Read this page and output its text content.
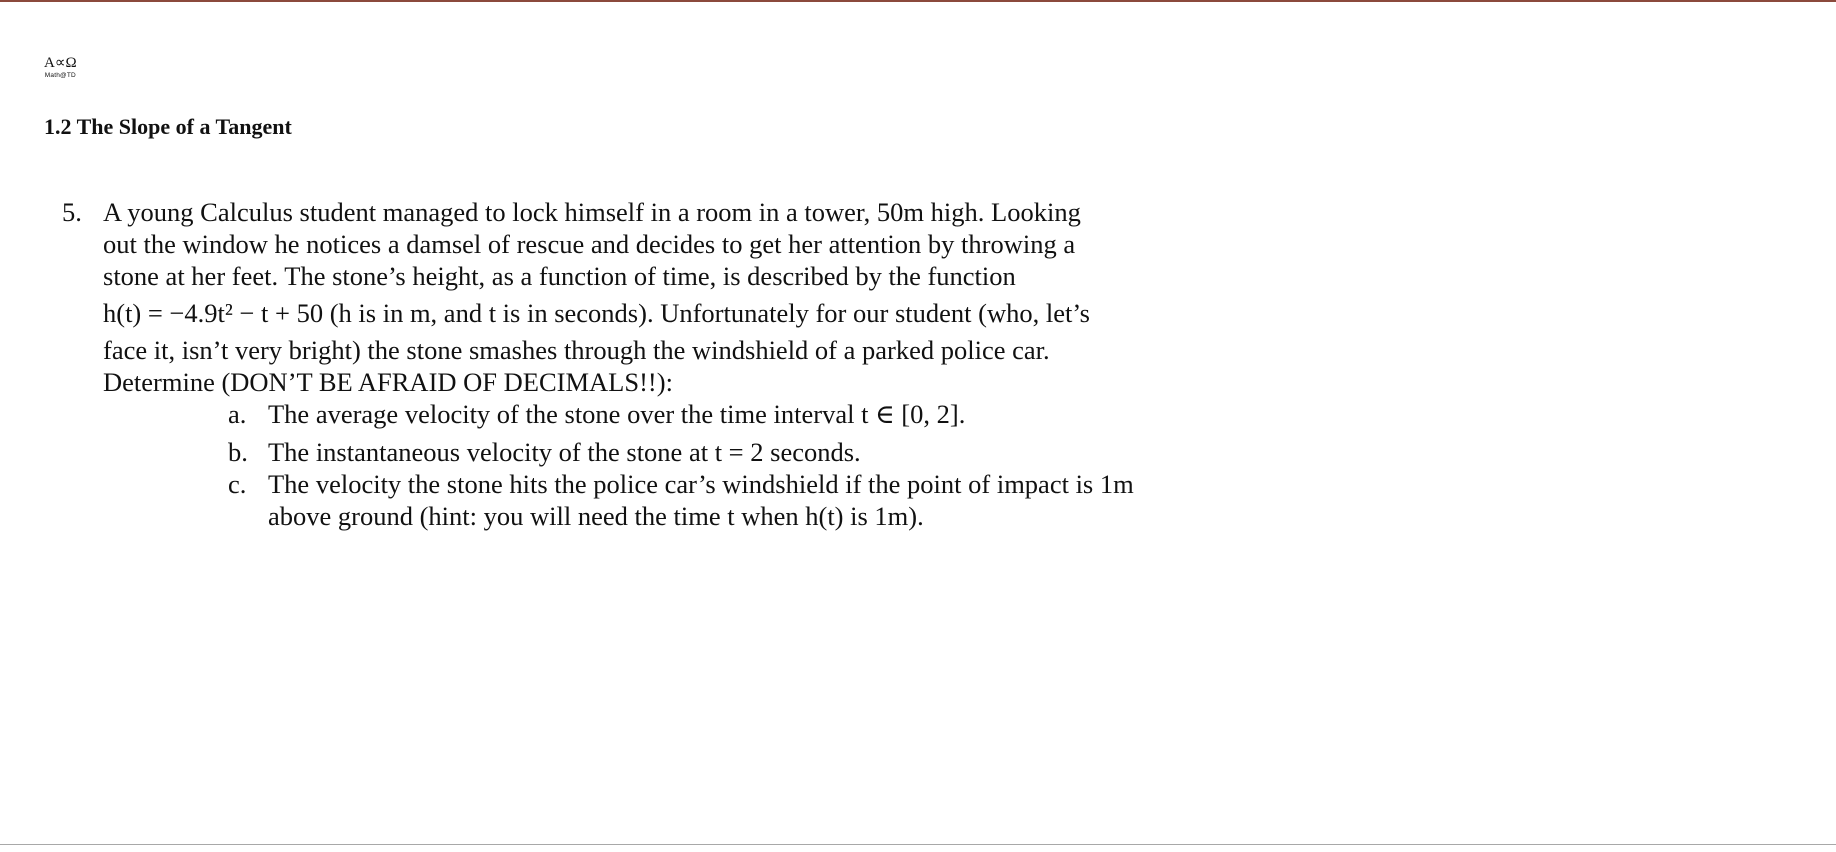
A∝Ω
Math@TD
1.2 The Slope of a Tangent
5. A young Calculus student managed to lock himself in a room in a tower, 50m high. Looking
out the window he notices a damsel of rescue and decides to get her attention by throwing a
stone at her feet. The stone’s height, as a function of time, is described by the function
h(t) = −4.9t² − t + 50 (h is in m, and t is in seconds). Unfortunately for our student (who, let’s
face it, isn’t very bright) the stone smashes through the windshield of a parked police car.
Determine (DON’T BE AFRAID OF DECIMALS!!):
a. The average velocity of the stone over the time interval t ∈ [0, 2].
b. The instantaneous velocity of the stone at t = 2 seconds.
c. The velocity the stone hits the police car’s windshield if the point of impact is 1m above ground (hint: you will need the time t when h(t) is 1m).
